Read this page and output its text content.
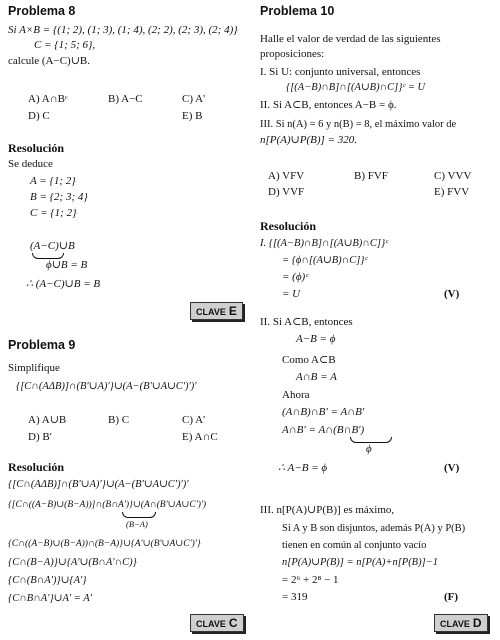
Problema 8
Si A×B = {(1; 2), (1; 3), (1; 4), (2; 2), (2; 3), (2; 4)}
C = {1; 5; 6},
calcule (A−C)∪B.
A) A∩Bᶜ	B) A−C	C) A'
D) C	E) B
Resolución
Se deduce
A = {1; 2}
B = {2; 3; 4}
C = {1; 2}
(A−C)∪B
ϕ∪B = B
∴ (A−C)∪B = B
CLAVE E
Problema 9
Simplifique
{[C∩(AΔB)]∩(B'∪A)'}∪(A−(B'∪A∪C')')'
A) A∪B	B) C	C) A'
D) B'	E) A∩C
Resolución
{[C∩(AΔB)]∩(B'∪A)'}∪(A−(B'∪A∪C')')'
{[C∩((A−B)∪(B−A))]∩(B∩A')}∪(A∩(B'∪A∪C')')
(B−A)
{C∩((A−B)∪(B−A))∩(B−A)}∪{A'∪(B'∪A∪C')'}
{C∩(B−A)}∪{A'∪(B∩A'∩C)}
{C∩(B∩A')}∪{A'}
{C∩B∩A'}∪A' = A'
CLAVE C
Problema 10
Halle el valor de verdad de las siguientes
proposiciones:
I. Si U: conjunto universal, entonces
{[(A−B)∩B]∩[(A∪B)∩C]}ᶜ = U
II. Si A⊂B, entonces A−B = ϕ.
III. Si n(A) = 6 y n(B) = 8, el máximo valor de
n[P(A)∪P(B)] = 320.
A) VFV	B) FVF	C) VVV
D) VVF	E) FVV
Resolución
I. {[(A−B)∩B]∩[(A∪B)∩C]}ᶜ
= {ϕ∩[(A∪B)∩C]}ᶜ
= (ϕ)ᶜ
= U	(V)
II. Si A⊂B, entonces
A−B = ϕ
Como A⊂B
A∩B = A
Ahora
(A∩B)∩B' = A∩B'
A∩B' = A∩(B∩B')
ϕ
∴ A−B = ϕ	(V)
III. n[P(A)∪P(B)] es máximo,
Si A y B son disjuntos, además P(A) y P(B)
tienen en común al conjunto vacío
n[P(A)∪P(B)] = n[P(A)+n[P(B)]−1
= 2⁶ + 2⁸ − 1
= 319	(F)
CLAVE D
